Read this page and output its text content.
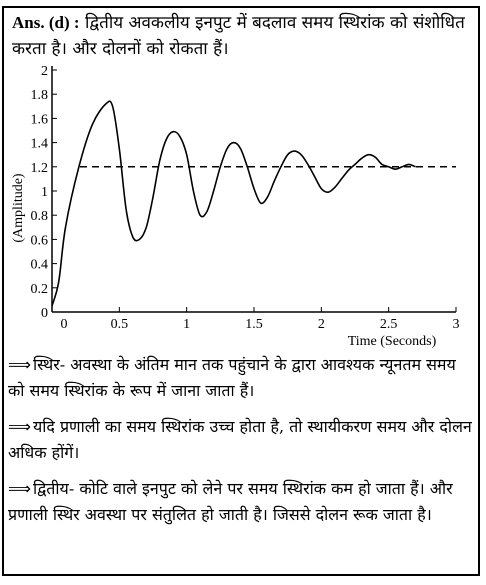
Ans. (d) : द्वितीय अवकलीय इनपुट में बदलाव समय स्थिरांक को संशोधित करता है। और दोलनों को रोकता हैं।
0
0.2
0.4
0.6
0.8
1
1.2
1.4
1.6
1.8
2
0	0.5	1	1.5	2	2.5	3
(Amplitude)
Time (Seconds)
⟹ स्थिर- अवस्था के अंतिम मान तक पहुंचाने के द्वारा आवश्यक न्यूनतम समय को समय स्थिरांक के रूप में जाना जाता हैं।
⟹ यदि प्रणाली का समय स्थिरांक उच्च होता है, तो स्थायीकरण समय और दोलन अधिक होंगें।
⟹ द्वितीय- कोटि वाले इनपुट को लेने पर समय स्थिरांक कम हो जाता हैं। और प्रणाली स्थिर अवस्था पर संतुलित हो जाती है। जिससे दोलन रूक जाता है।
